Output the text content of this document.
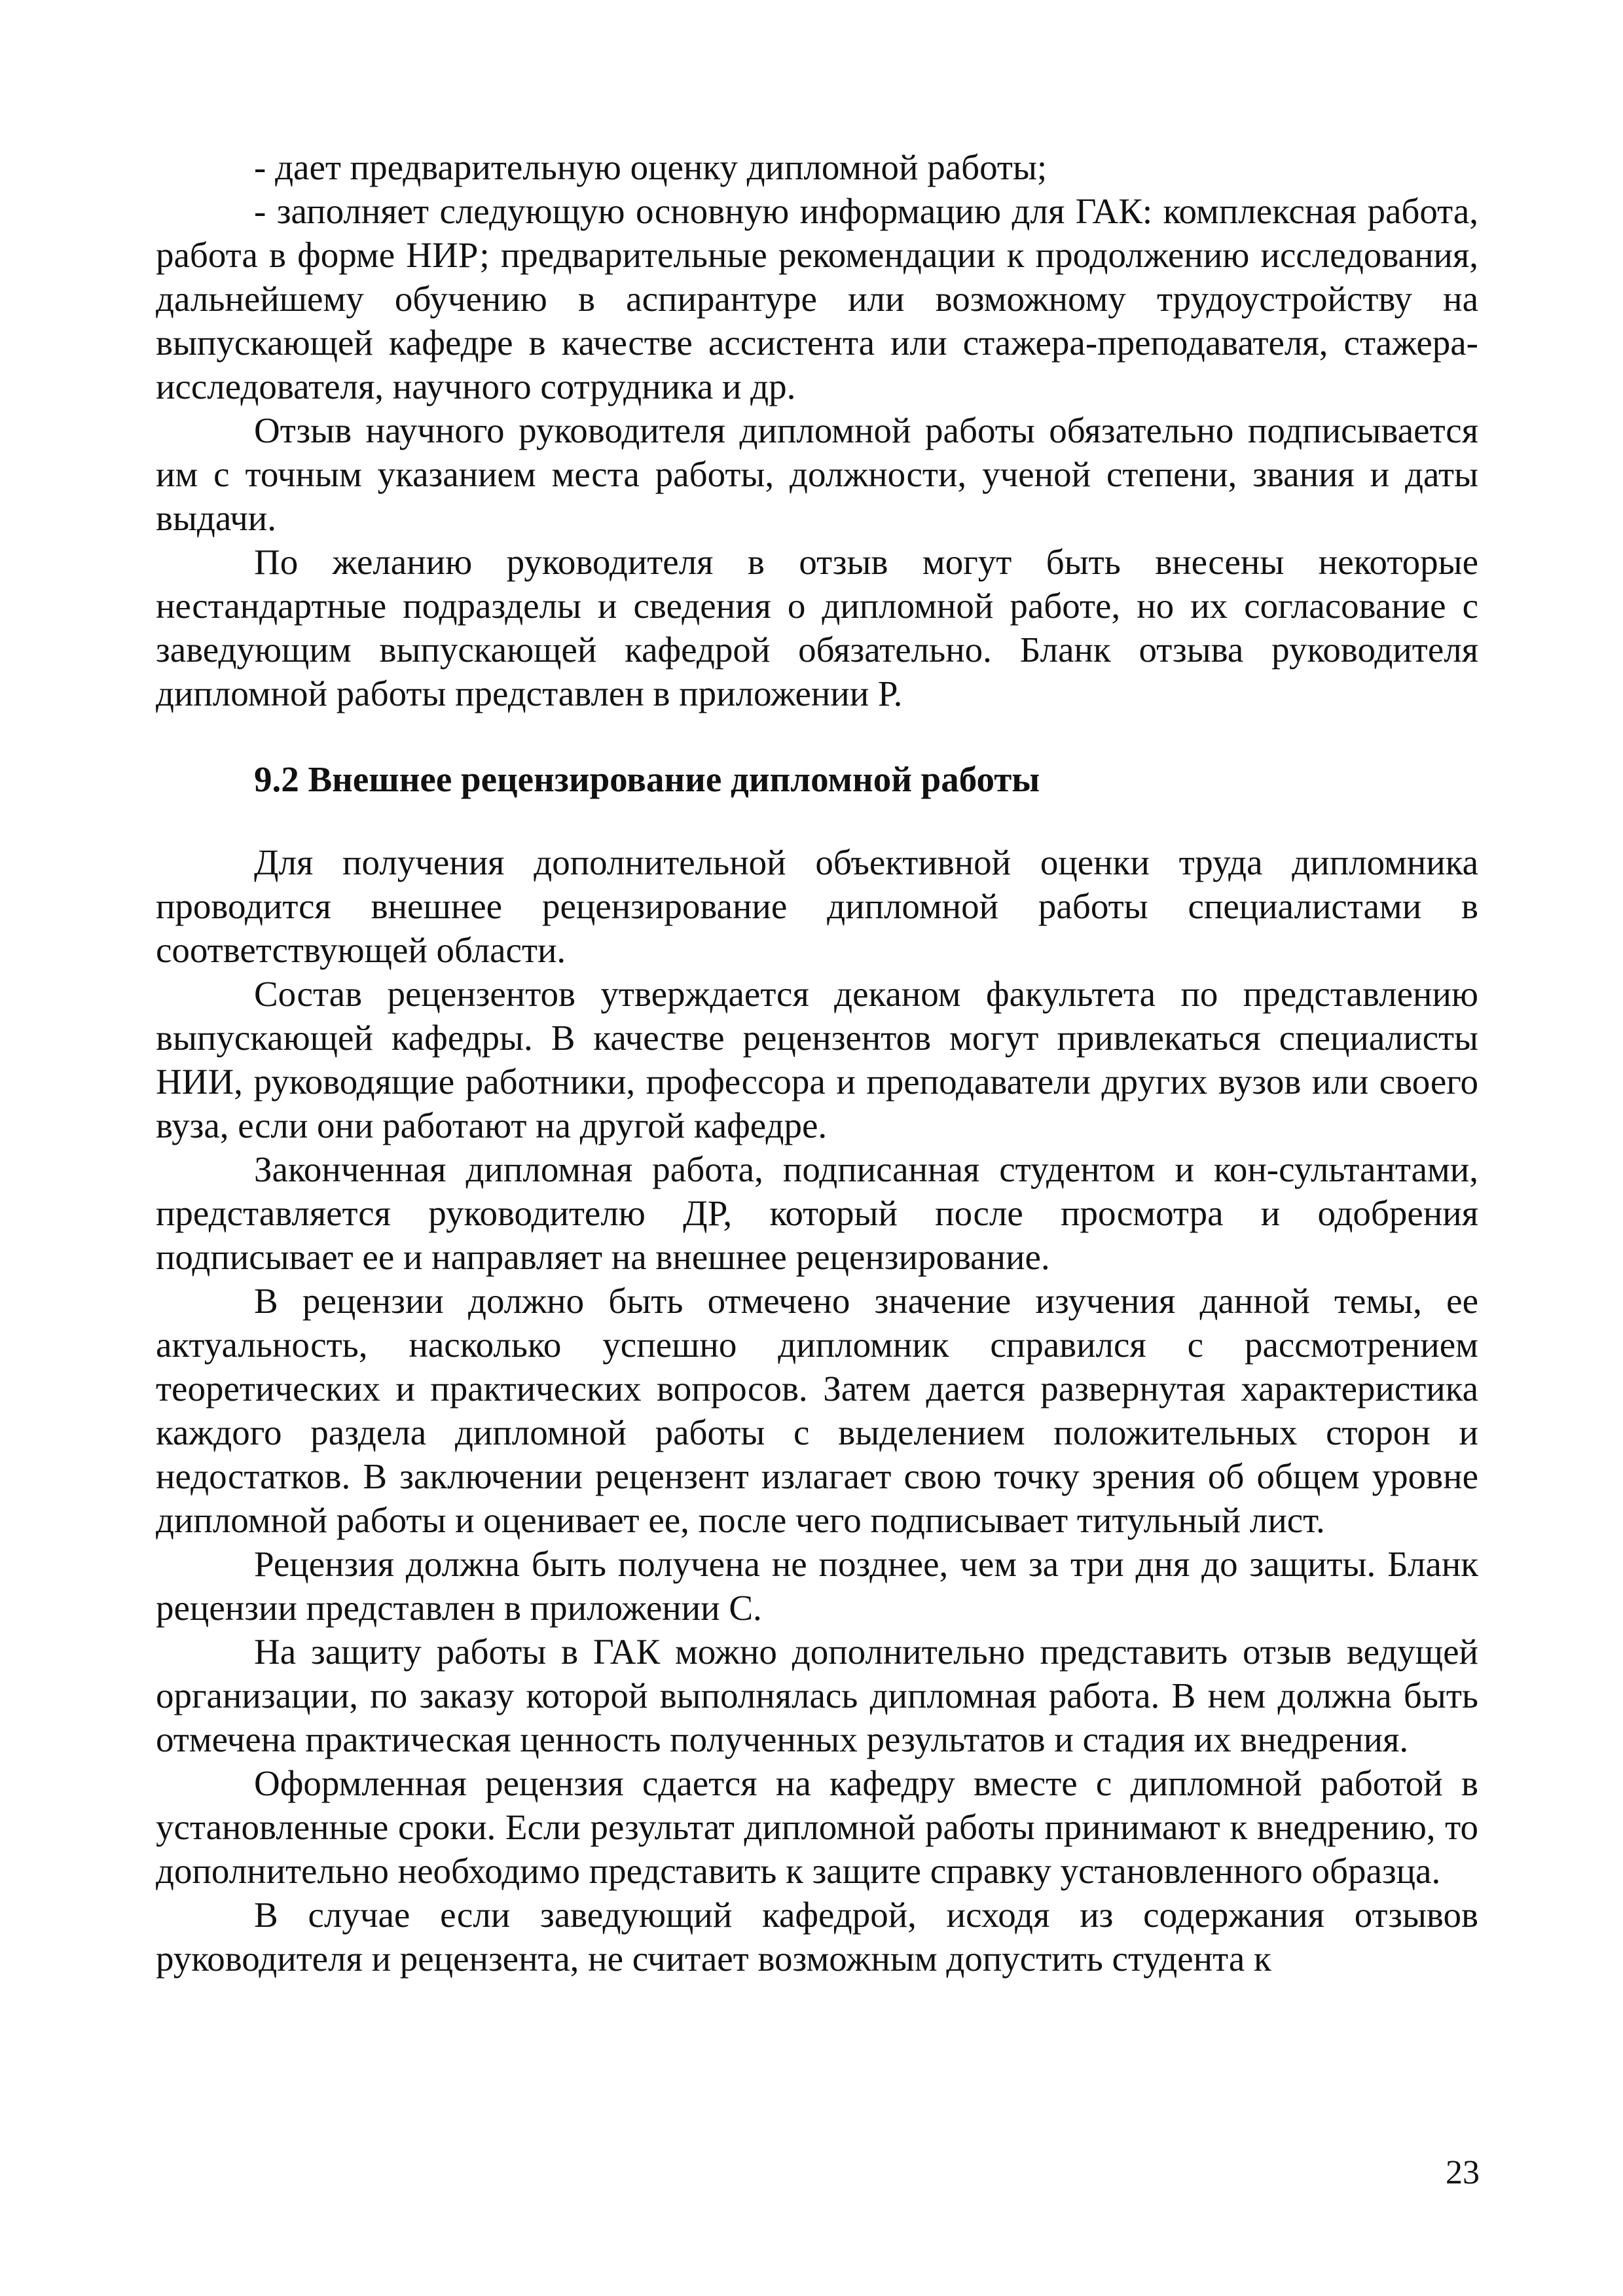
- дает предварительную оценку дипломной работы;

- заполняет следующую основную информацию для ГАК: комплексная работа, работа в форме НИР; предварительные рекомендации к продолжению исследования, дальнейшему обучению в аспирантуре или возможному трудоустройству на выпускающей кафедре в качестве ассистента или стажера-преподавателя, стажера-исследователя, научного сотрудника и др.

Отзыв научного руководителя дипломной работы обязательно подписывается им с точным указанием места работы, должности, ученой степени, звания и даты выдачи.

По желанию руководителя в отзыв могут быть внесены некоторые нестандартные подразделы и сведения о дипломной работе, но их согласование с заведующим выпускающей кафедрой обязательно. Бланк отзыва руководителя дипломной работы представлен в приложении Р.

9.2 Внешнее рецензирование дипломной работы

Для получения дополнительной объективной оценки труда дипломника проводится внешнее рецензирование дипломной работы специалистами в соответствующей области.

Состав рецензентов утверждается деканом факультета по представлению выпускающей кафедры. В качестве рецензентов могут привлекаться специалисты НИИ, руководящие работники, профессора и преподаватели других вузов или своего вуза, если они работают на другой кафедре.

Законченная дипломная работа, подписанная студентом и кон-сультантами, представляется руководителю ДР, который после просмотра и одобрения подписывает ее и направляет на внешнее рецензирование.

В рецензии должно быть отмечено значение изучения данной темы, ее актуальность, насколько успешно дипломник справился с рассмотрением теоретических и практических вопросов. Затем дается развернутая характеристика каждого раздела дипломной работы с выделением положительных сторон и недостатков. В заключении рецензент излагает свою точку зрения об общем уровне дипломной работы и оценивает ее, после чего подписывает титульный лист.

Рецензия должна быть получена не позднее, чем за три дня до защиты. Бланк рецензии представлен в приложении С.

На защиту работы в ГАК можно дополнительно представить отзыв ведущей организации, по заказу которой выполнялась дипломная работа. В нем должна быть отмечена практическая ценность полученных результатов и стадия их внедрения.

Оформленная рецензия сдается на кафедру вместе с дипломной работой в установленные сроки. Если результат дипломной работы принимают к внедрению, то дополнительно необходимо представить к защите справку установленного образца.

В случае если заведующий кафедрой, исходя из содержания отзывов руководителя и рецензента, не считает возможным допустить студента к

23
